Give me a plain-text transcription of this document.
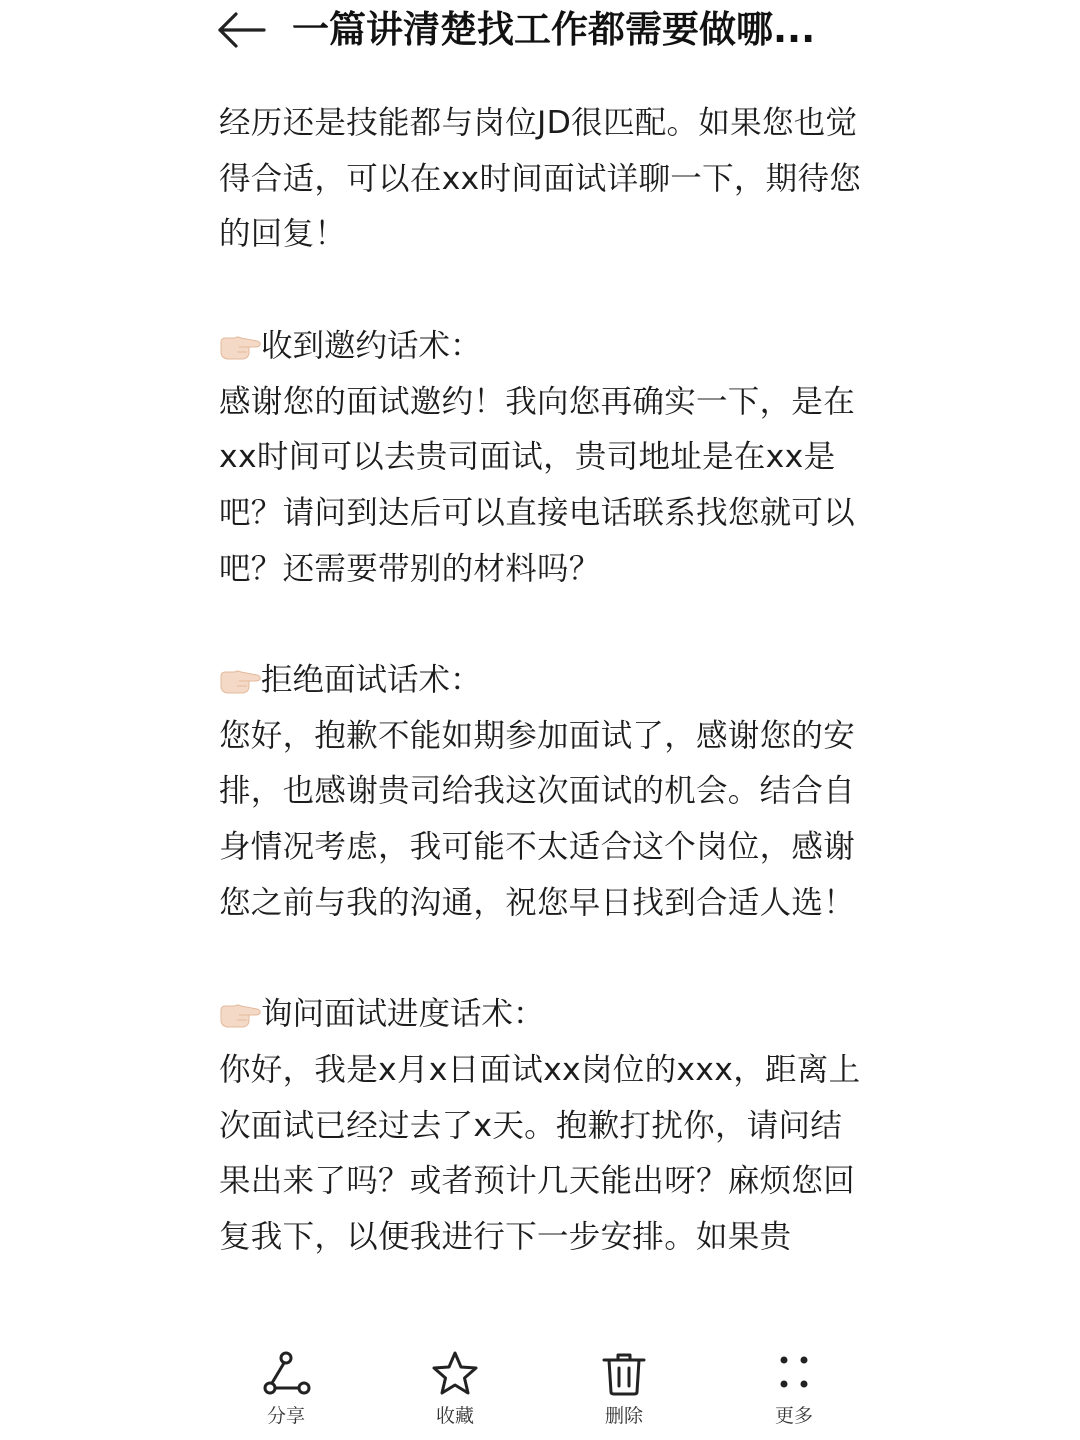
一篇讲清楚找工作都需要做哪...

经历还是技能都与岗位JD很匹配。如果您也觉得合适，可以在xx时间面试详聊一下，期待您的回复！

收到邀约话术：

感谢您的面试邀约！我向您再确实一下，是在xx时间可以去贵司面试，贵司地址是在xx是吧？请问到达后可以直接电话联系找您就可以吧？还需要带别的材料吗？

拒绝面试话术：

您好，抱歉不能如期参加面试了，感谢您的安排，也感谢贵司给我这次面试的机会。结合自身情况考虑，我可能不太适合这个岗位，感谢您之前与我的沟通，祝您早日找到合适人选！

询问面试进度话术：

你好，我是x月x日面试xx岗位的xxx，距离上次面试已经过去了x天。抱歉打扰你，请问结果出来了吗？或者预计几天能出呀？麻烦您回复我下，以便我进行下一步安排。如果贵

分享	收藏	删除	更多
